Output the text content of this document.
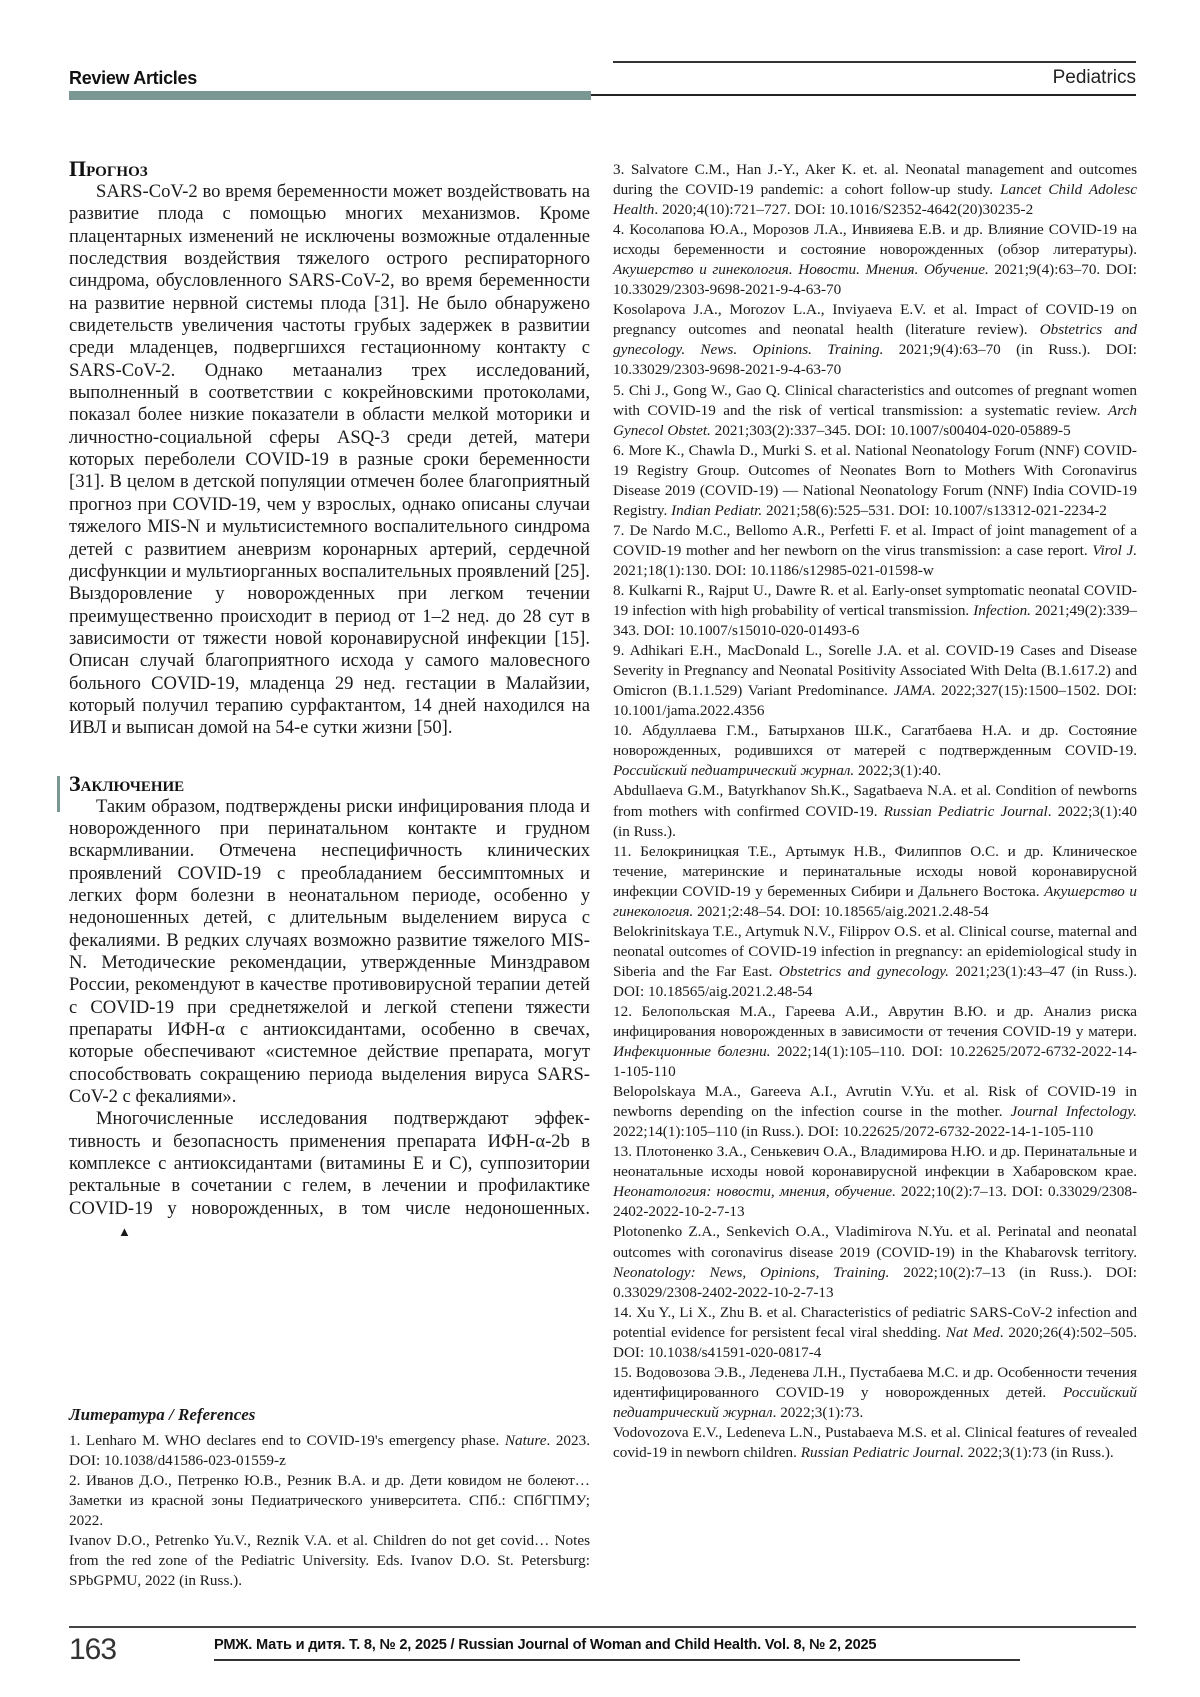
Review Articles	Pediatrics
Прогноз

SARS-CoV-2 во время беременности может воздействовать на развитие плода с помощью многих механизмов. Кроме плацентарных изменений не исключены возможные отдаленные последствия воздействия тяжелого острого респираторного синдрома, обусловленного SARS-CoV-2, во время беременности на развитие нервной системы плода [31]. Не было обнаружено свидетельств увеличения частоты грубых задержек в развитии среди младенцев, подвергшихся гестационному контакту с SARS-CoV-2. Однако метаанализ трех исследований, выполненный в соответствии с кокрейновскими протоколами, показал более низкие показатели в области мелкой моторики и личностно-социальной сферы ASQ-3 среди детей, матери которых переболели COVID-19 в разные сроки беременности [31]. В целом в детской популяции отмечен более благоприятный прогноз при COVID-19, чем у взрослых, однако описаны случаи тяжелого MIS-N и мультисистемного воспалительного синдрома детей с развитием аневризм коронарных артерий, сердечной дисфункции и мультиорганных воспалительных проявлений [25]. Выздоровление у новорожденных при легком течении преимущественно происходит в период от 1–2 нед. до 28 сут в зависимости от тяжести новой коронавирусной инфекции [15]. Описан случай благоприятного исхода у самого маловесного больного COVID-19, младенца 29 нед. гестации в Малайзии, который получил терапию сурфактантом, 14 дней находился на ИВЛ и выписан домой на 54-е сутки жизни [50].

Заключение

Таким образом, подтверждены риски инфицирования плода и новорожденного при перинатальном контакте и грудном вскармливании. Отмечена неспецифичность клинических проявлений COVID-19 с преобладанием бессимптомных и легких форм болезни в неонатальном периоде, особенно у недоношенных детей, с длительным выделением вируса с фекалиями. В редких случаях возможно развитие тяжелого MIS-N. Методические рекомендации, утвержденные Минздравом России, рекомендуют в качестве противовирусной терапии детей с COVID-19 при среднетяжелой и легкой степени тяжести препараты ИФН-α с антиоксидантами, особенно в свечах, которые обеспечивают «системное действие препарата, могут способствовать сокращению периода выделения вируса SARS-CoV-2 с фекалиями».

Многочисленные исследования подтверждают эффективность и безопасность применения препарата ИФН-α-2b в комплексе с антиоксидантами (витамины E и C), суппозитории ректальные в сочетании с гелем, в лечении и профилактике COVID-19 у новорожденных, в том числе недоношенных.▲

Литература / References

1. Lenharo M. WHO declares end to COVID-19's emergency phase. Nature. 2023. DOI: 10.1038/d41586-023-01559-z

2. Иванов Д.О., Петренко Ю.В., Резник В.А. и др. Дети ковидом не болеют… Заметки из красной зоны Педиатрического университета. СПб.: СПбГПМУ; 2022.

Ivanov D.O., Petrenko Yu.V., Reznik V.A. et al. Children do not get covid… Notes from the red zone of the Pediatric University. Eds. Ivanov D.O. St. Petersburg: SPbGPMU, 2022 (in Russ.).

3. Salvatore C.M., Han J.-Y., Aker K. et. al. Neonatal management and outcomes during the COVID-19 pandemic: a cohort follow-up study. Lancet Child Adolesc Health. 2020;4(10):721–727. DOI: 10.1016/S2352-4642(20)30235-2

4. Косолапова Ю.А., Морозов Л.А., Инвияева Е.В. и др. Влияние COVID-19 на исходы беременности и состояние новорожденных (обзор литературы). Акушерство и гинекология. Новости. Мнения. Обучение. 2021;9(4):63–70. DOI: 10.33029/2303-9698-2021-9-4-63-70

Kosolapova J.A., Morozov L.A., Inviyaeva E.V. et al. Impact of COVID-19 on pregnancy outcomes and neonatal health (literature review). Obstetrics and gynecology. News. Opinions. Training. 2021;9(4):63–70 (in Russ.). DOI: 10.33029/2303-9698-2021-9-4-63-70

5. Chi J., Gong W., Gao Q. Clinical characteristics and outcomes of pregnant women with COVID-19 and the risk of vertical transmission: a systematic review. Arch Gynecol Obstet. 2021;303(2):337–345. DOI: 10.1007/s00404-020-05889-5

6. More K., Chawla D., Murki S. et al. National Neonatology Forum (NNF) COVID-19 Registry Group. Outcomes of Neonates Born to Mothers With Coronavirus Disease 2019 (COVID-19) — National Neonatology Forum (NNF) India COVID-19 Registry. Indian Pediatr. 2021;58(6):525–531. DOI: 10.1007/s13312-021-2234-2

7. De Nardo M.C., Bellomo A.R., Perfetti F. et al. Impact of joint management of a COVID-19 mother and her newborn on the virus transmission: a case report. Virol J. 2021;18(1):130. DOI: 10.1186/s12985-021-01598-w

8. Kulkarni R., Rajput U., Dawre R. et al. Early-onset symptomatic neonatal COVID-19 infection with high probability of vertical transmission. Infection. 2021;49(2):339–343. DOI: 10.1007/s15010-020-01493-6

9. Adhikari E.H., MacDonald L., Sorelle J.A. et al. COVID-19 Cases and Disease Severity in Pregnancy and Neonatal Positivity Associated With Delta (B.1.617.2) and Omicron (B.1.1.529) Variant Predominance. JAMA. 2022;327(15):1500–1502. DOI: 10.1001/jama.2022.4356

10. Абдуллаева Г.М., Батырханов Ш.К., Сагатбаева Н.А. и др. Состояние новорожденных, родившихся от матерей с подтвержденным COVID-19. Российский педиатрический журнал. 2022;3(1):40.

Abdullaeva G.M., Batyrkhanov Sh.K., Sagatbaeva N.A. et al. Condition of newborns from mothers with confirmed COVID-19. Russian Pediatric Journal. 2022;3(1):40 (in Russ.).

11. Белокриницкая Т.Е., Артымук Н.В., Филиппов О.С. и др. Клиническое течение, материнские и перинатальные исходы новой коронавирусной инфекции COVID-19 у беременных Сибири и Дальнего Востока. Акушерство и гинекология. 2021;2:48–54. DOI: 10.18565/aig.2021.2.48-54

Belokrinitskaya T.E., Artymuk N.V., Filippov O.S. et al. Clinical course, maternal and neonatal outcomes of COVID-19 infection in pregnancy: an epidemiological study in Siberia and the Far East. Obstetrics and gynecology. 2021;23(1):43–47 (in Russ.). DOI: 10.18565/aig.2021.2.48-54

12. Белопольская М.А., Гареева А.И., Аврутин В.Ю. и др. Анализ риска инфицирования новорожденных в зависимости от течения COVID-19 у матери. Инфекционные болезни. 2022;14(1):105–110. DOI: 10.22625/2072-6732-2022-14-1-105-110

Belopolskaya M.A., Gareeva A.I., Avrutin V.Yu. et al. Risk of COVID-19 in newborns depending on the infection course in the mother. Journal Infectology. 2022;14(1):105–110 (in Russ.). DOI: 10.22625/2072-6732-2022-14-1-105-110

13. Плотоненко З.А., Сенькевич О.А., Владимирова Н.Ю. и др. Перинатальные и неонатальные исходы новой коронавирусной инфекции в Хабаровском крае. Неонатология: новости, мнения, обучение. 2022;10(2):7–13. DOI: 0.33029/2308-2402-2022-10-2-7-13

Plotonenko Z.A., Senkevich O.A., Vladimirova N.Yu. et al. Perinatal and neonatal outcomes with coronavirus disease 2019 (COVID-19) in the Khabarovsk territory. Neonatology: News, Opinions, Training. 2022;10(2):7–13 (in Russ.). DOI: 0.33029/2308-2402-2022-10-2-7-13

14. Xu Y., Li X., Zhu B. et al. Characteristics of pediatric SARS-CoV-2 infection and potential evidence for persistent fecal viral shedding. Nat Med. 2020;26(4):502–505. DOI: 10.1038/s41591-020-0817-4

15. Водовозова Э.В., Леденева Л.Н., Пустабаева М.С. и др. Особенности течения идентифицированного COVID-19 у новорожденных детей. Российский педиатрический журнал. 2022;3(1):73.

Vodovozova E.V., Ledeneva L.N., Pustabaeva M.S. et al. Clinical features of revealed covid-19 in newborn children. Russian Pediatric Journal. 2022;3(1):73 (in Russ.).

163	РМЖ. Мать и дитя. Т. 8, № 2, 2025 / Russian Journal of Woman and Child Health. Vol. 8, № 2, 2025
